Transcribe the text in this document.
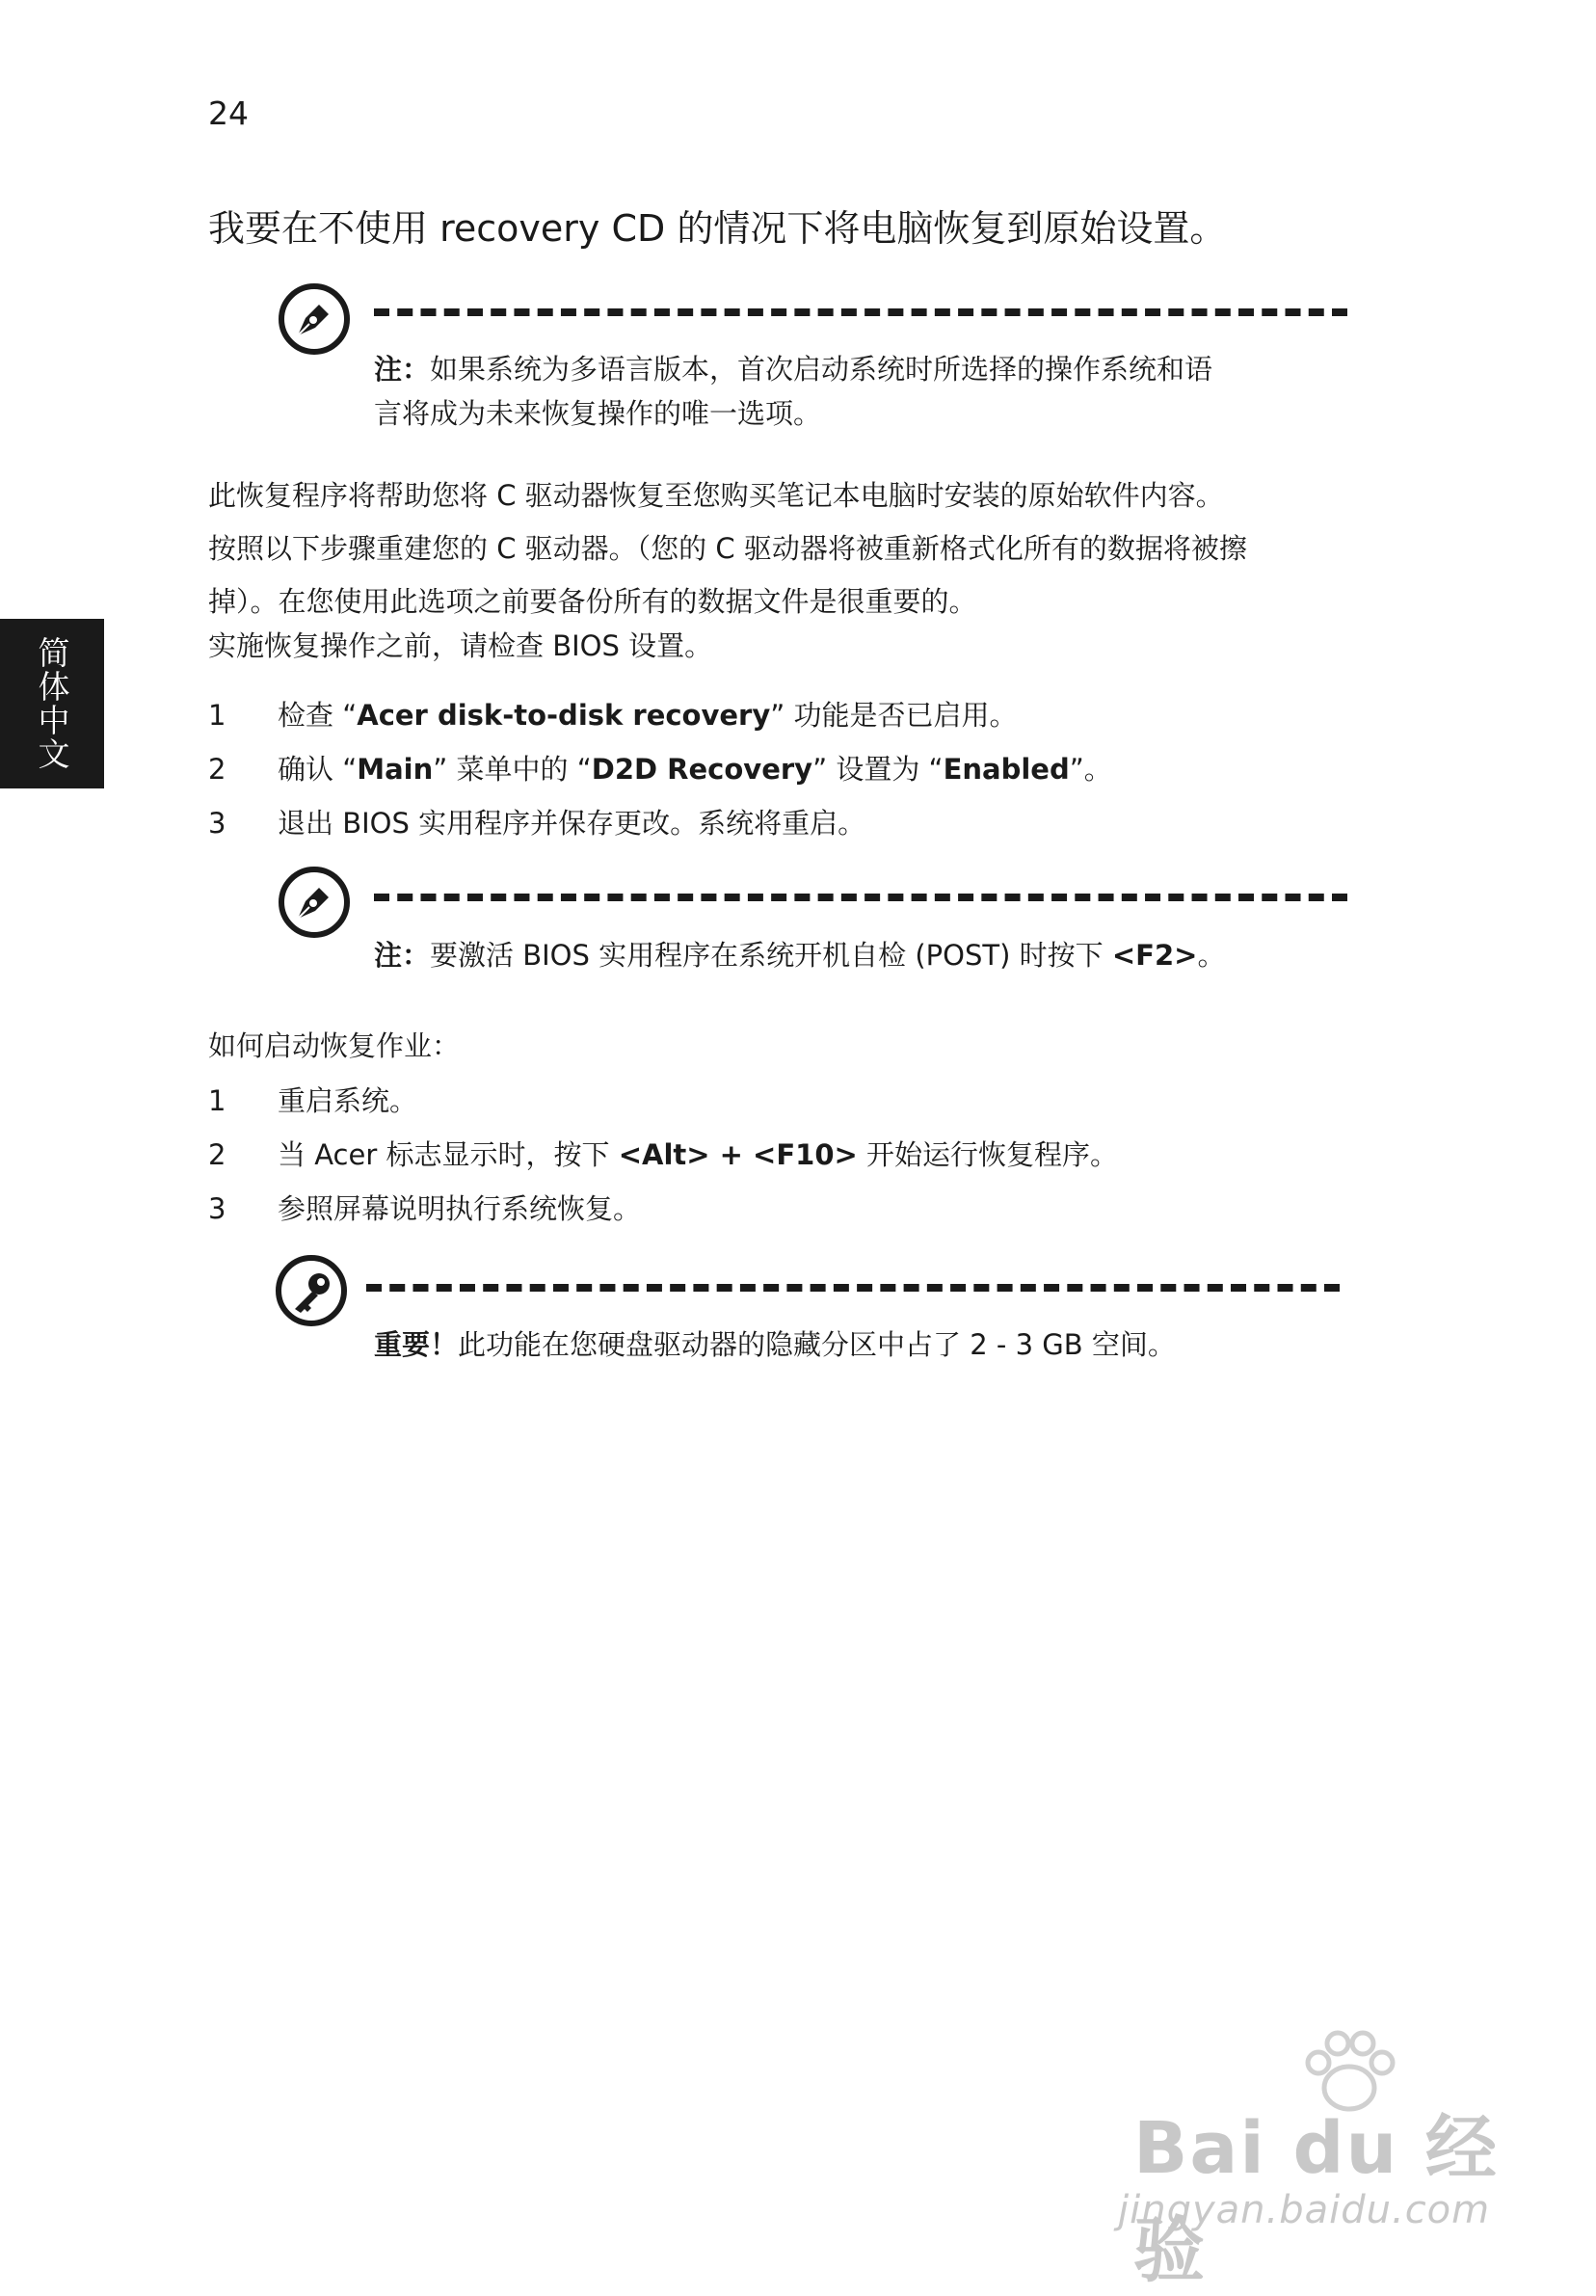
24
我要在不使用 recovery CD 的情况下将电脑恢复到原始设置。
简体中文
注：如果系统为多语言版本，首次启动系统时所选择的操作系统和语
言将成为未来恢复操作的唯一选项。
此恢复程序将帮助您将 C 驱动器恢复至您购买笔记本电脑时安装的原始软件内容。
按照以下步骤重建您的 C 驱动器。（您的 C 驱动器将被重新格式化所有的数据将被擦
掉）。在您使用此选项之前要备份所有的数据文件是很重要的。
实施恢复操作之前，请检查 BIOS 设置。
1 检查 “Acer disk-to-disk recovery” 功能是否已启用。
2 确认 “Main” 菜单中的 “D2D Recovery” 设置为 “Enabled”。
3 退出 BIOS 实用程序并保存更改。系统将重启。
注：要激活 BIOS 实用程序在系统开机自检 (POST) 时按下 <F2>。
如何启动恢复作业：
1 重启系统。
2 当 Acer 标志显示时，按下 <Alt> + <F10> 开始运行恢复程序。
3 参照屏幕说明执行系统恢复。
重要！此功能在您硬盘驱动器的隐藏分区中占了 2 - 3 GB 空间。
Bai du 经验
jingyan.baidu.com
